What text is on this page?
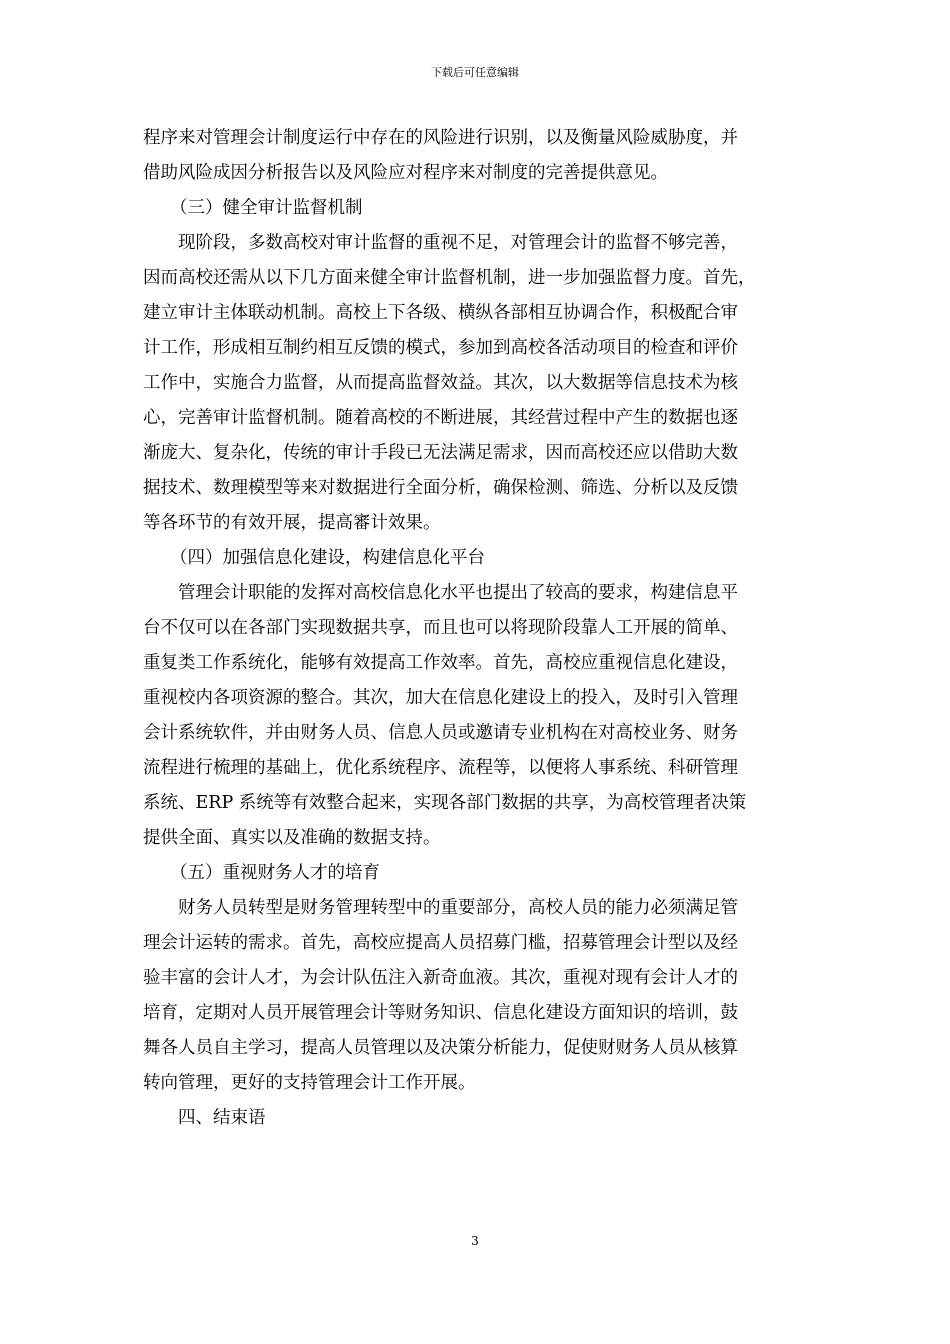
下载后可任意编辑

程序来对管理会计制度运行中存在的风险进行识别，以及衡量风险威胁度，并

借助风险成因分析报告以及风险应对程序来对制度的完善提供意见。

（三）健全审计监督机制

现阶段，多数高校对审计监督的重视不足，对管理会计的监督不够完善，

因而高校还需从以下几方面来健全审计监督机制，进一步加强监督力度。首先，

建立审计主体联动机制。高校上下各级、横纵各部相互协调合作，积极配合审

计工作，形成相互制约相互反馈的模式，参加到高校各活动项目的检查和评价

工作中，实施合力监督，从而提高监督效益。其次，以大数据等信息技术为核

心，完善审计监督机制。随着高校的不断进展，其经营过程中产生的数据也逐

渐庞大、复杂化，传统的审计手段已无法满足需求，因而高校还应以借助大数

据技术、数理模型等来对数据进行全面分析，确保检测、筛选、分析以及反馈

等各环节的有效开展，提高審计效果。

（四）加强信息化建设，构建信息化平台

管理会计职能的发挥对高校信息化水平也提出了较高的要求，构建信息平

台不仅可以在各部门实现数据共享，而且也可以将现阶段靠人工开展的简单、

重复类工作系统化，能够有效提高工作效率。首先，高校应重视信息化建设，

重视校内各项资源的整合。其次，加大在信息化建设上的投入，及时引入管理

会计系统软件，并由财务人员、信息人员或邀请专业机构在对高校业务、财务

流程进行梳理的基础上，优化系统程序、流程等，以便将人事系统、科研管理

系统、ERP 系统等有效整合起来，实现各部门数据的共享，为高校管理者决策

提供全面、真实以及准确的数据支持。

（五）重视财务人才的培育

财务人员转型是财务管理转型中的重要部分，高校人员的能力必须满足管

理会计运转的需求。首先，高校应提高人员招募门槛，招募管理会计型以及经

验丰富的会计人才，为会计队伍注入新奇血液。其次，重视对现有会计人才的

培育，定期对人员开展管理会计等财务知识、信息化建设方面知识的培训，鼓

舞各人员自主学习，提高人员管理以及决策分析能力，促使财财务人员从核算

转向管理，更好的支持管理会计工作开展。

四、结束语

3
